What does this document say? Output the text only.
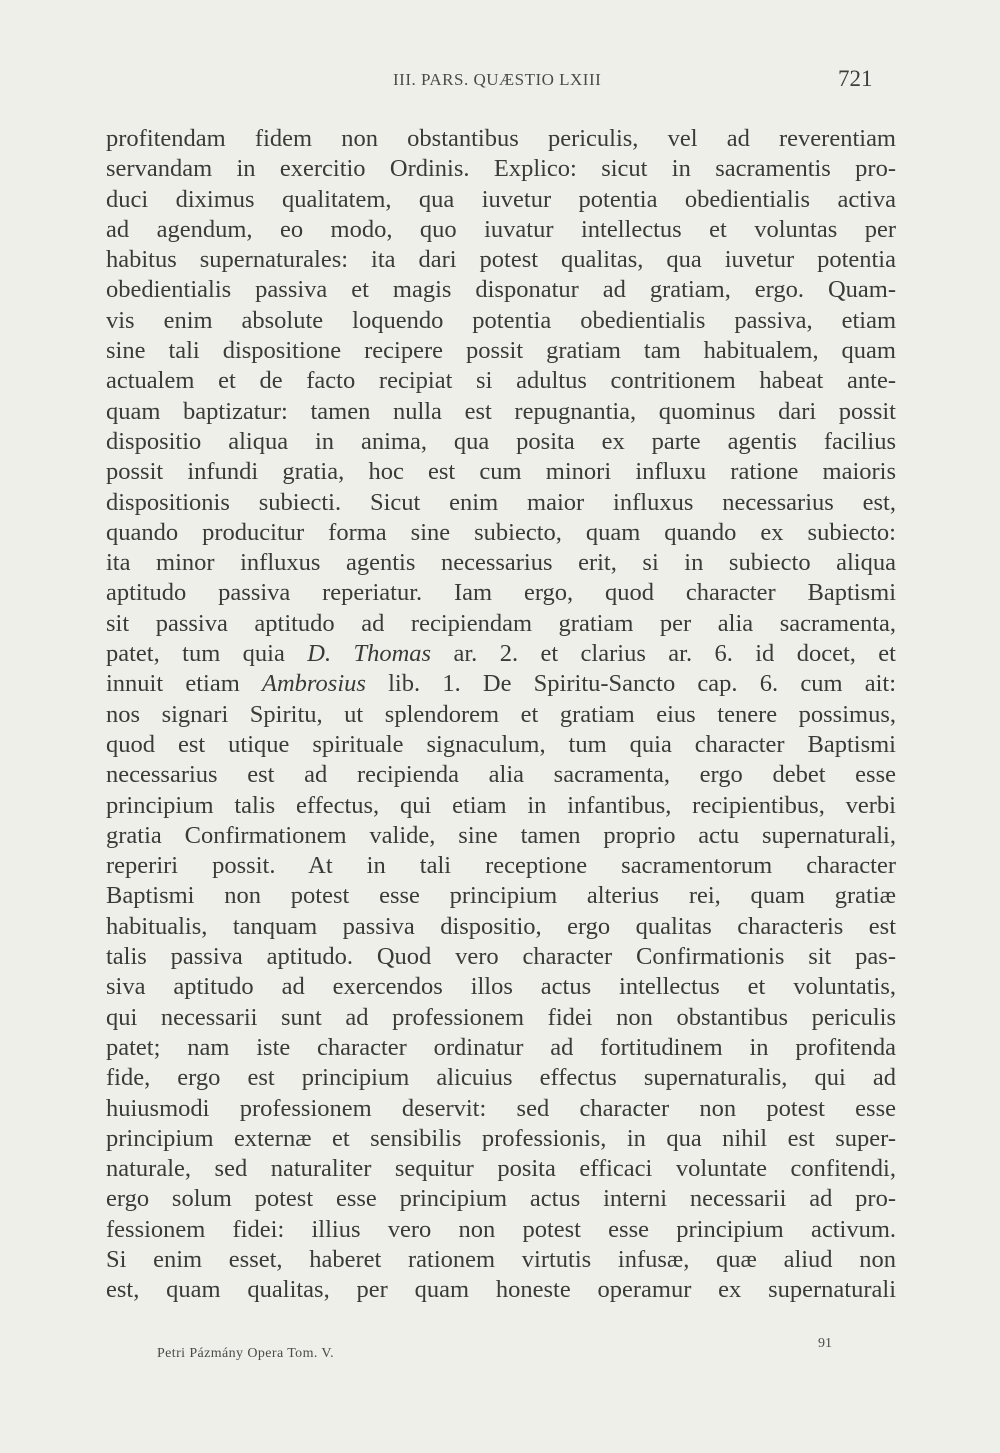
III. PARS. QUÆSTIO LXIII	721
profitendam fidem non obstantibus periculis, vel ad reverentiam
servandam in exercitio Ordinis. Explico: sicut in sacramentis pro-
duci diximus qualitatem, qua iuvetur potentia obedientialis activa
ad agendum, eo modo, quo iuvatur intellectus et voluntas per
habitus supernaturales: ita dari potest qualitas, qua iuvetur potentia
obedientialis passiva et magis disponatur ad gratiam, ergo. Quam-
vis enim absolute loquendo potentia obedientialis passiva, etiam
sine tali dispositione recipere possit gratiam tam habitualem, quam
actualem et de facto recipiat si adultus contritionem habeat ante-
quam baptizatur: tamen nulla est repugnantia, quominus dari possit
dispositio aliqua in anima, qua posita ex parte agentis facilius
possit infundi gratia, hoc est cum minori influxu ratione maioris
dispositionis subiecti. Sicut enim maior influxus necessarius est,
quando producitur forma sine subiecto, quam quando ex subiecto:
ita minor influxus agentis necessarius erit, si in subiecto aliqua
aptitudo passiva reperiatur. Iam ergo, quod character Baptismi
sit passiva aptitudo ad recipiendam gratiam per alia sacramenta,
patet, tum quia D. Thomas ar. 2. et clarius ar. 6. id docet, et
innuit etiam Ambrosius lib. 1. De Spiritu-Sancto cap. 6. cum ait:
nos signari Spiritu, ut splendorem et gratiam eius tenere possimus,
quod est utique spirituale signaculum, tum quia character Baptismi
necessarius est ad recipienda alia sacramenta, ergo debet esse
principium talis effectus, qui etiam in infantibus, recipientibus, verbi
gratia Confirmationem valide, sine tamen proprio actu supernaturali,
reperiri possit. At in tali receptione sacramentorum character
Baptismi non potest esse principium alterius rei, quam gratiæ
habitualis, tanquam passiva dispositio, ergo qualitas characteris est
talis passiva aptitudo. Quod vero character Confirmationis sit pas-
siva aptitudo ad exercendos illos actus intellectus et voluntatis,
qui necessarii sunt ad professionem fidei non obstantibus periculis
patet; nam iste character ordinatur ad fortitudinem in profitenda
fide, ergo est principium alicuius effectus supernaturalis, qui ad
huiusmodi professionem deservit: sed character non potest esse
principium externæ et sensibilis professionis, in qua nihil est super-
naturale, sed naturaliter sequitur posita efficaci voluntate confitendi,
ergo solum potest esse principium actus interni necessarii ad pro-
fessionem fidei: illius vero non potest esse principium activum.
Si enim esset, haberet rationem virtutis infusæ, quæ aliud non
est, quam qualitas, per quam honeste operamur ex supernaturali
Petri Pázmány Opera Tom. V.
91
